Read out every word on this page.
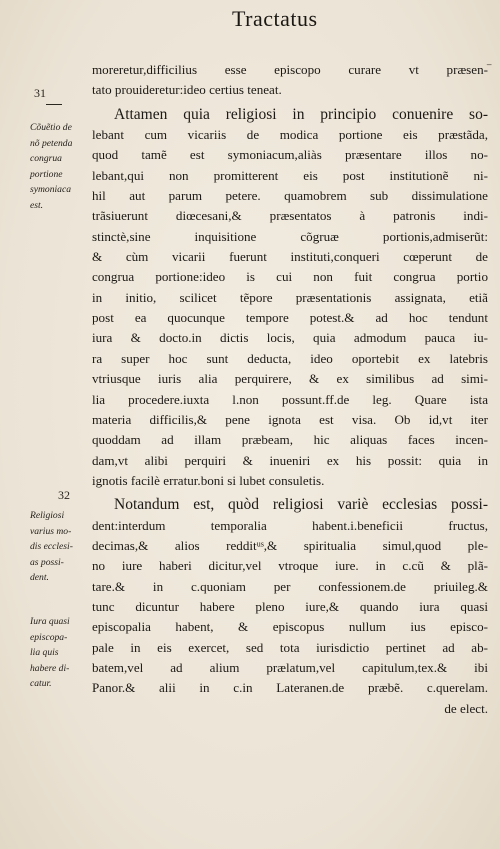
Tractatus
⁻
moreretur,difficilius esse episcopo curare vt præsen-
tato prouideretur:ideo certius teneat.
Attamen quia religiosi in principio conuenire so-
lebant cum vicariis de modica portione eis præstãda,
quod tamẽ est symoniacum,aliàs præsentare illos no-
lebant,qui non promitterent eis post institutionẽ ni-
hil aut parum petere. quamobrem sub dissimulatione
trãsiuerunt diœcesani,& præsentatos à patronis indi-
stinctè,sine inquisitione cõgruæ portionis,admiserũt:
& cùm vicarii fuerunt instituti,conqueri cœperunt de
congrua portione:ideo is cui non fuit congrua portio
in initio, scilicet tẽpore præsentationis assignata, etiã
post ea quocunque tempore potest.& ad hoc tendunt
iura & docto.in dictis locis, quia admodum pauca iu-
ra super hoc sunt deducta, ideo oportebit ex latebris
vtriusque iuris alia perquirere, & ex similibus ad simi-
lia procedere.iuxta l.non possunt.ff.de leg. Quare ista
materia difficilis,& pene ignota est visa. Ob id,vt iter
quoddam ad illam præbeam, hic aliquas faces incen-
dam,vt alibi perquiri & inueniri ex his possit: quia in
ignotis facilè erratur.boni si lubet consuletis.
Notandum est, quòd religiosi variè ecclesias possi-
dent:interdum temporalia habent.i.beneficii fructus,
decimas,& alios redditᵘˢ,& spiritualia simul,quod ple-
no iure haberi dicitur,vel vtroque iure. in c.cũ & plã-
tare.& in c.quoniam per confessionem.de priuileg.&
tunc dicuntur habere pleno iure,& quando iura quasi
episcopalia habent, & episcopus nullum ius episco-
pale in eis exercet, sed tota iurisdictio pertinet ad ab-
batem,vel ad alium prælatum,vel capitulum,tex.& ibi
Panor.& alii in c.in Lateranen.de præbẽ. c.querelam.
de elect.
31
Cõuẽtio de
nõ petenda
congrua
portione
symoniaca
est.
32
Religiosi
varius mo-
dis ecclesi-
as possi-
dent.
Iura quasi
episcopa-
lia quis
habere di-
catur.
